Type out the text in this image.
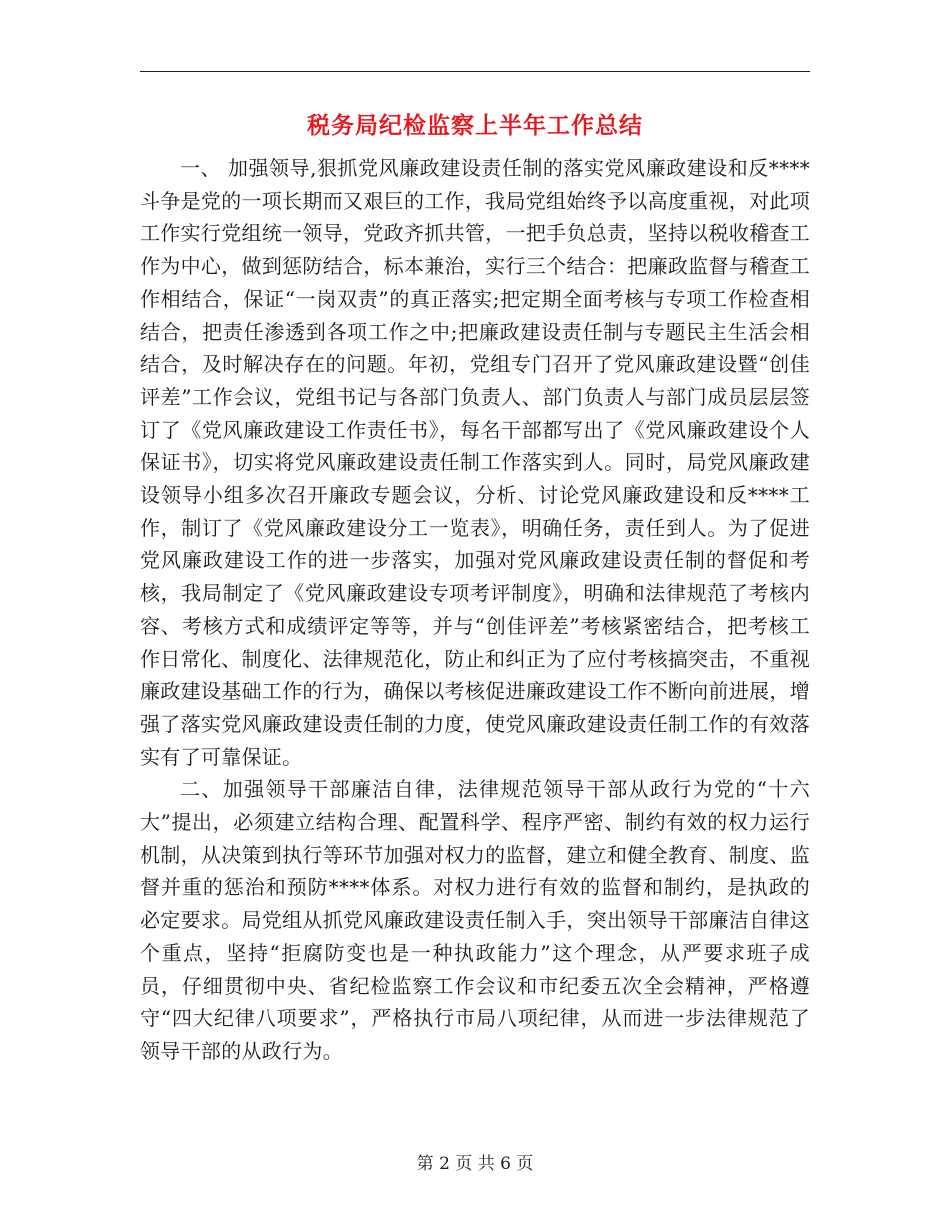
税务局纪检监察上半年工作总结

一、 加强领导,狠抓党风廉政建设责任制的落实党风廉政建设和反****斗争是党的一项长期而又艰巨的工作，我局党组始终予以高度重视，对此项工作实行党组统一领导，党政齐抓共管，一把手负总责，坚持以税收稽查工作为中心，做到惩防结合，标本兼治，实行三个结合：把廉政监督与稽查工作相结合，保证“一岗双责”的真正落实;把定期全面考核与专项工作检查相结合，把责任渗透到各项工作之中;把廉政建设责任制与专题民主生活会相结合，及时解决存在的问题。年初，党组专门召开了党风廉政建设暨“创佳评差”工作会议，党组书记与各部门负责人、部门负责人与部门成员层层签订了《党风廉政建设工作责任书》，每名干部都写出了《党风廉政建设个人保证书》，切实将党风廉政建设责任制工作落实到人。同时，局党风廉政建设领导小组多次召开廉政专题会议，分析、讨论党风廉政建设和反****工作，制订了《党风廉政建设分工一览表》，明确任务，责任到人。为了促进党风廉政建设工作的进一步落实，加强对党风廉政建设责任制的督促和考核，我局制定了《党风廉政建设专项考评制度》，明确和法律规范了考核内容、考核方式和成绩评定等等，并与“创佳评差”考核紧密结合，把考核工作日常化、制度化、法律规范化，防止和纠正为了应付考核搞突击，不重视廉政建设基础工作的行为，确保以考核促进廉政建设工作不断向前进展，增强了落实党风廉政建设责任制的力度，使党风廉政建设责任制工作的有效落实有了可靠保证。

二、加强领导干部廉洁自律，法律规范领导干部从政行为党的“十六大”提出，必须建立结构合理、配置科学、程序严密、制约有效的权力运行机制，从决策到执行等环节加强对权力的监督，建立和健全教育、制度、监督并重的惩治和预防****体系。对权力进行有效的监督和制约，是执政的必定要求。局党组从抓党风廉政建设责任制入手，突出领导干部廉洁自律这个重点，坚持“拒腐防变也是一种执政能力”这个理念，从严要求班子成员，仔细贯彻中央、省纪检监察工作会议和市纪委五次全会精神，严格遵守“四大纪律八项要求”，严格执行市局八项纪律，从而进一步法律规范了领导干部的从政行为。

第 2 页 共 6 页
